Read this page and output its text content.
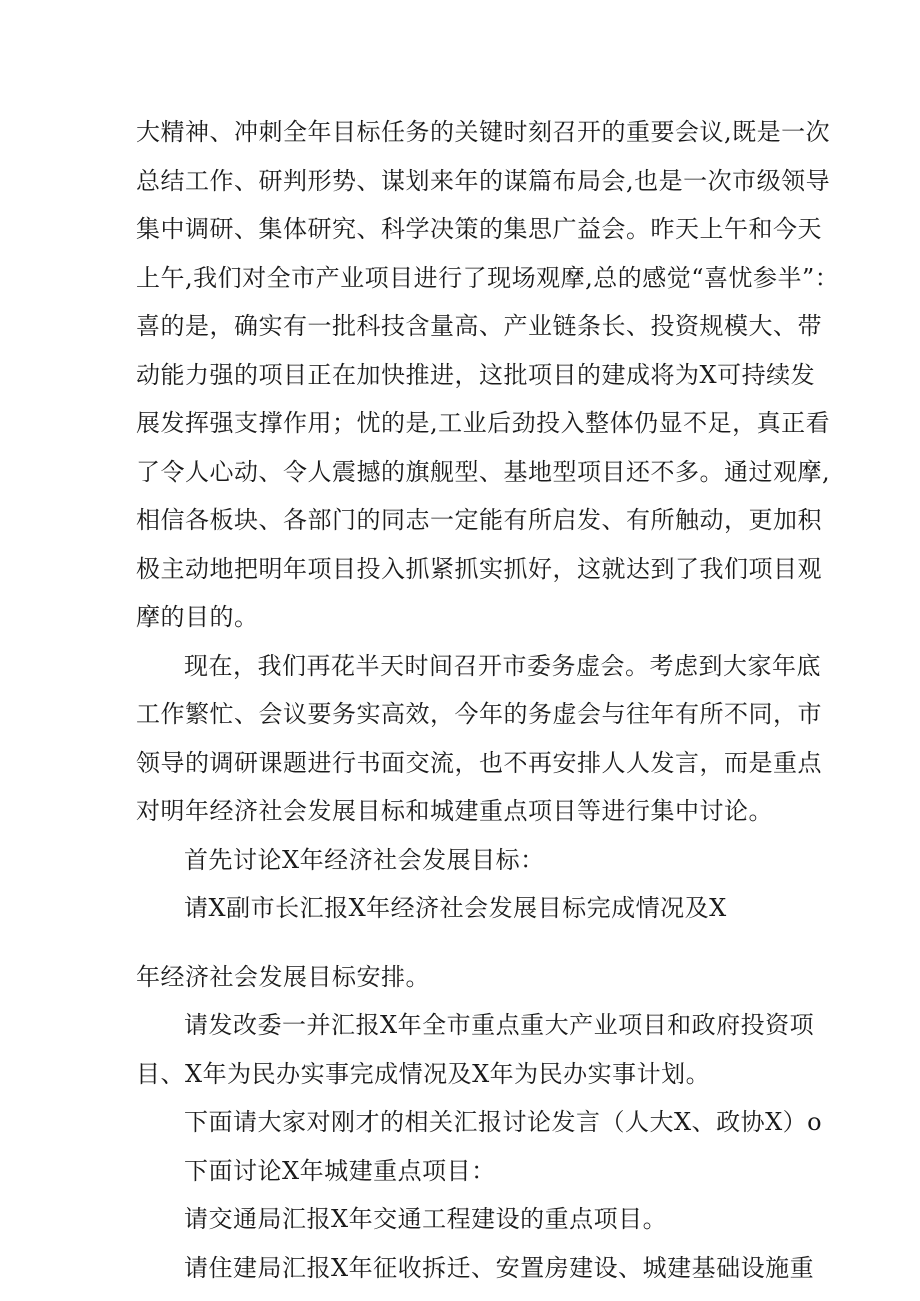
大精神、冲刺全年目标任务的关键时刻召开的重要会议,既是一次
总结工作、研判形势、谋划来年的谋篇布局会,也是一次市级领导
集中调研、集体研究、科学决策的集思广益会。昨天上午和今天
上午,我们对全市产业项目进行了现场观摩,总的感觉“喜忧参半”：
喜的是，确实有一批科技含量高、产业链条长、投资规模大、带
动能力强的项目正在加快推进，这批项目的建成将为X可持续发
展发挥强支撑作用；忧的是,工业后劲投入整体仍显不足，真正看
了令人心动、令人震撼的旗舰型、基地型项目还不多。通过观摩,
相信各板块、各部门的同志一定能有所启发、有所触动，更加积
极主动地把明年项目投入抓紧抓实抓好，这就达到了我们项目观
摩的目的。
现在，我们再花半天时间召开市委务虚会。考虑到大家年底
工作繁忙、会议要务实高效，今年的务虚会与往年有所不同，市
领导的调研课题进行书面交流，也不再安排人人发言，而是重点
对明年经济社会发展目标和城建重点项目等进行集中讨论。
首先讨论X年经济社会发展目标：
请X副市长汇报X年经济社会发展目标完成情况及X
年经济社会发展目标安排。
请发改委一并汇报X年全市重点重大产业项目和政府投资项
目、X年为民办实事完成情况及X年为民办实事计划。
下面请大家对刚才的相关汇报讨论发言（人大X、政协X）o
下面讨论X年城建重点项目：
请交通局汇报X年交通工程建设的重点项目。
请住建局汇报X年征收拆迁、安置房建设、城建基础设施重
